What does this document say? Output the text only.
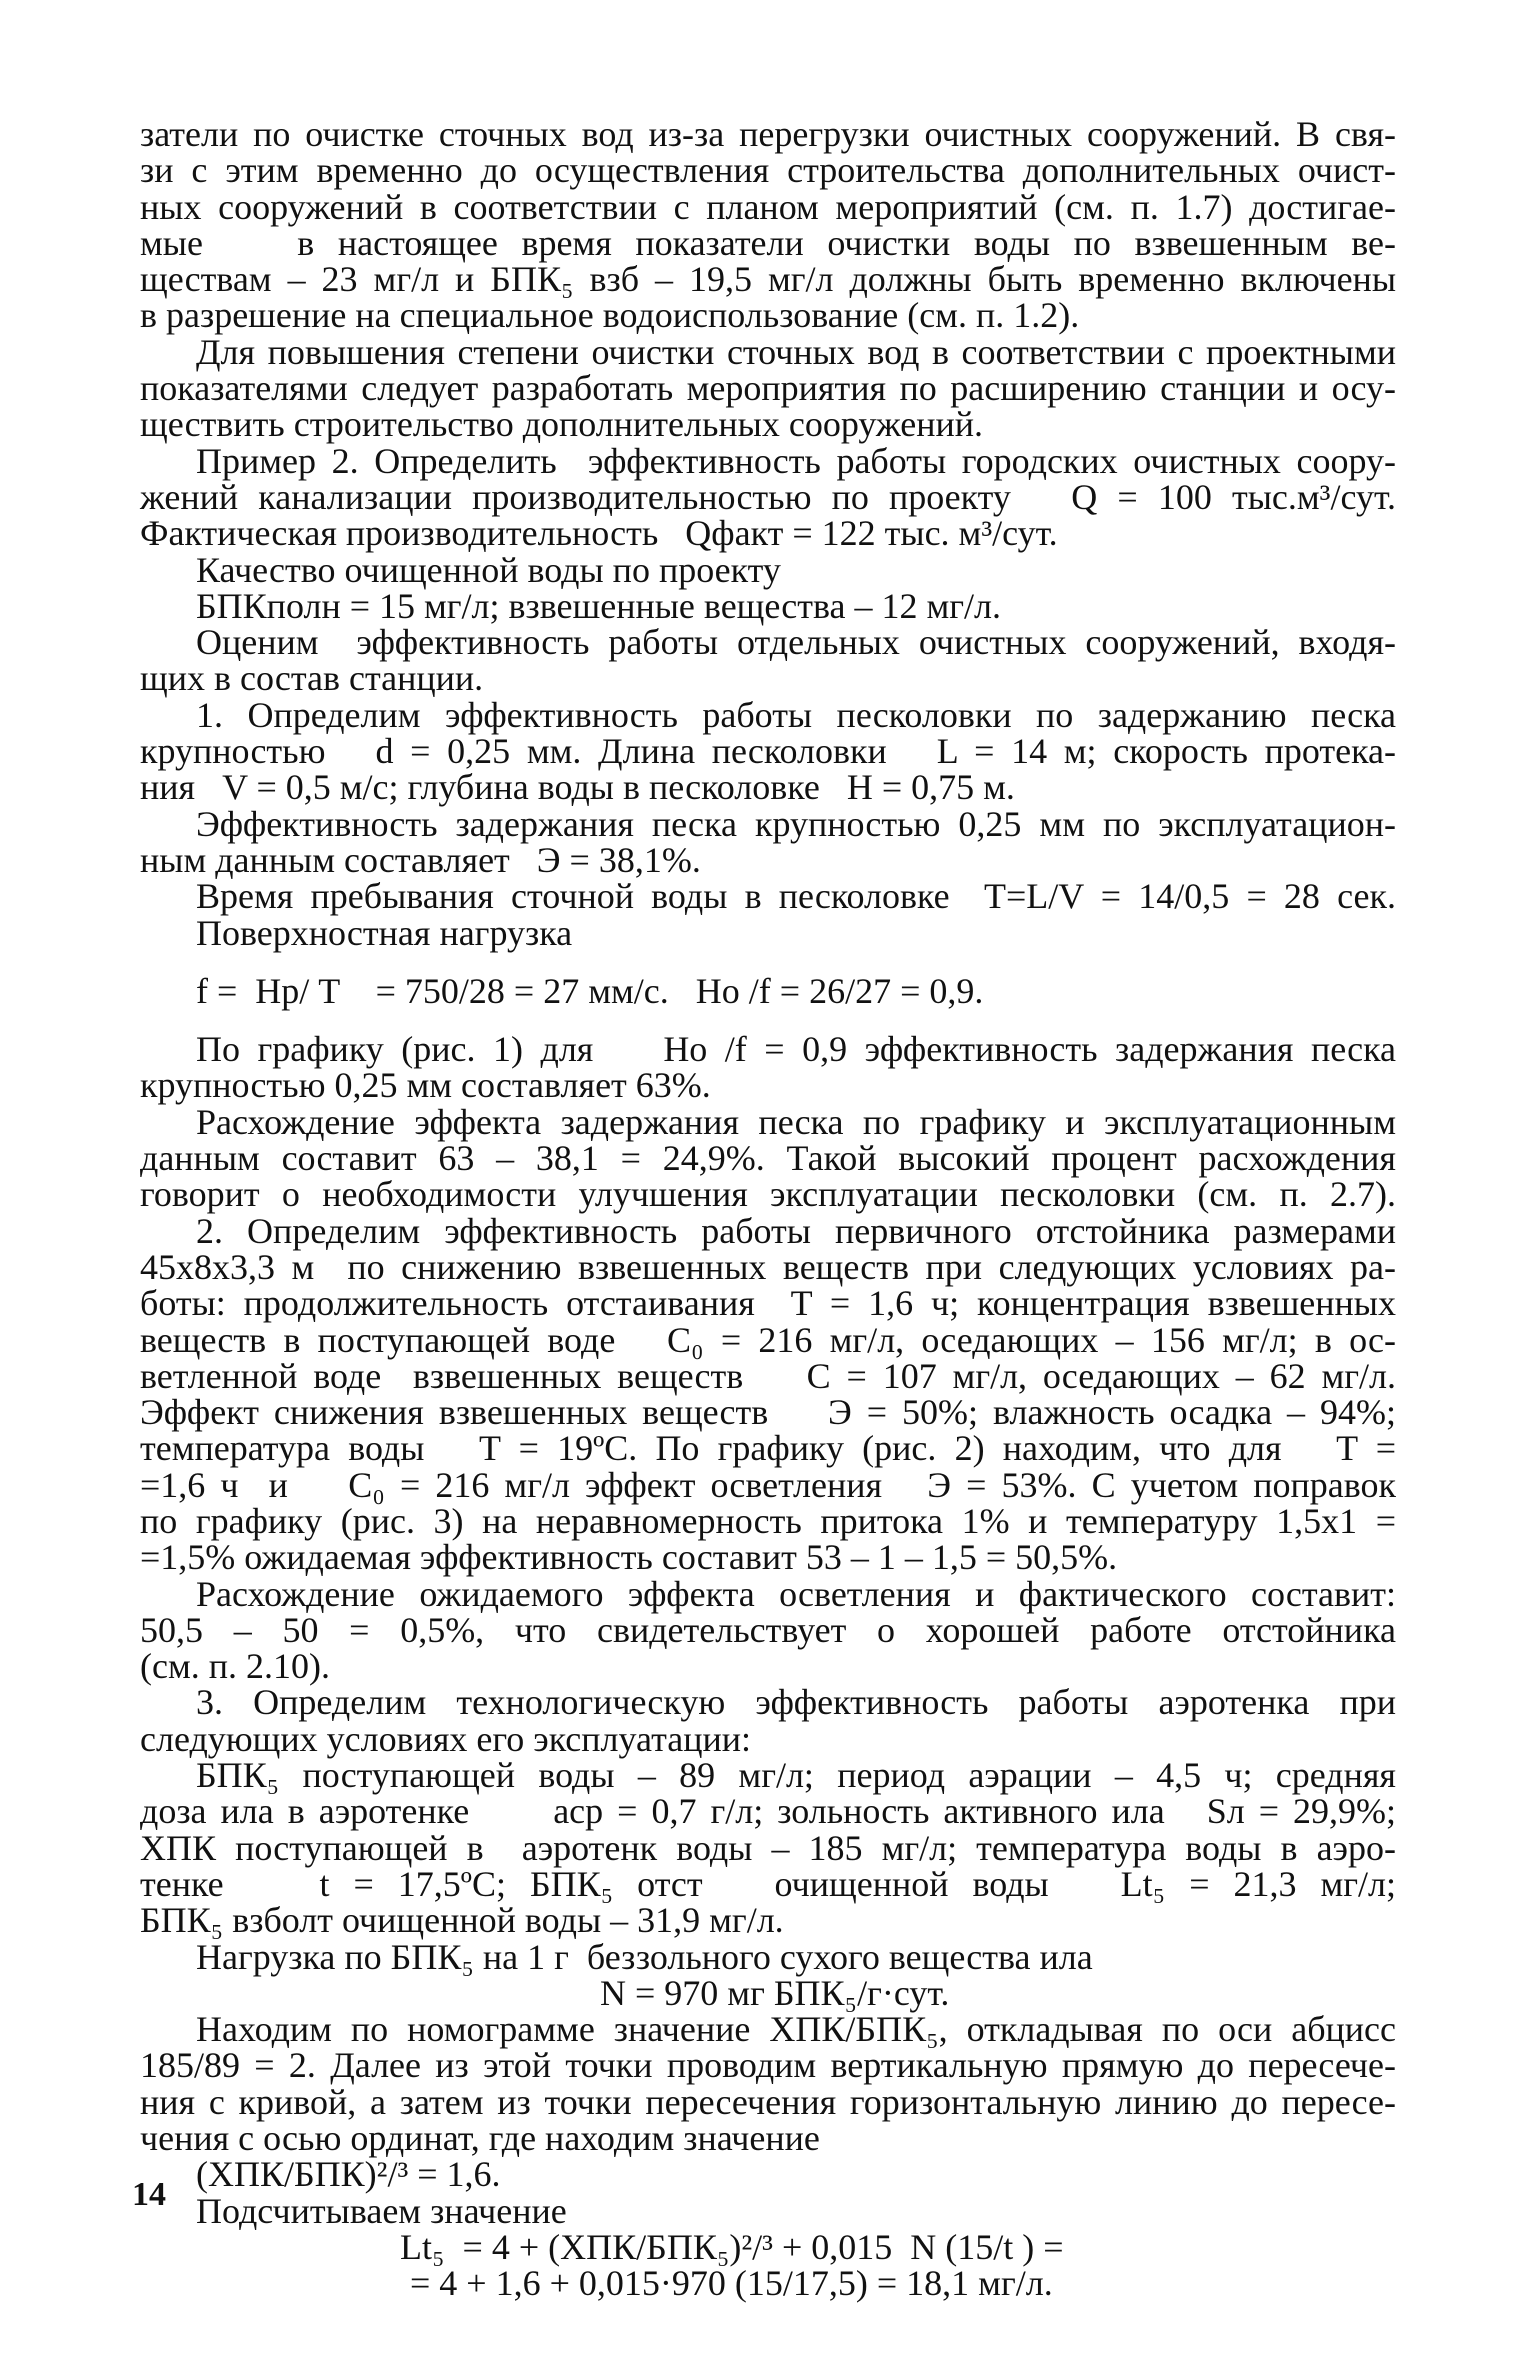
затели по очистке сточных вод из-за перегрузки очистных сооружений. В свя-
зи с этим временно до осуществления строительства дополнительных очист-
ных сооружений в соответствии с планом мероприятий (см. п. 1.7) достигае-
мые    в настоящее время показатели очистки воды по взвешенным ве-
ществам – 23 мг/л и БПК₅ взб – 19,5 мг/л должны быть временно включены
в разрешение на специальное водоиспользование (см. п. 1.2).
Для повышения степени очистки сточных вод в соответствии с проектными
показателями следует разработать мероприятия по расширению станции и осу-
ществить строительство дополнительных сооружений.
Пример 2. Определить  эффективность работы городских очистных соору-
жений канализации производительностью по проекту   Q = 100 тыс.м³/сут.
Фактическая производительность   Qфакт = 122 тыс. м³/сут.
Качество очищенной воды по проекту
БПКполн = 15 мг/л; взвешенные вещества – 12 мг/л.
Оценим  эффективность работы отдельных очистных сооружений, входя-
щих в состав станции.
1. Определим эффективность работы песколовки по задержанию песка
крупностью   d = 0,25 мм. Длина песколовки   L = 14 м; скорость протека-
ния   V = 0,5 м/с; глубина воды в песколовке   H = 0,75 м.
Эффективность задержания песка крупностью 0,25 мм по эксплуатацион-
ным данным составляет   Э = 38,1%.
Время пребывания сточной воды в песколовке  T=L/V = 14/0,5 = 28 сек.
Поверхностная нагрузка
f =  Hр/ T    = 750/28 = 27 мм/с.   Hо /f = 26/27 = 0,9.
По графику (рис. 1) для    Hо /f = 0,9 эффективность задержания песка
крупностью 0,25 мм составляет 63%.
Расхождение эффекта задержания песка по графику и эксплуатационным
данным составит 63 – 38,1 = 24,9%. Такой высокий процент расхождения
говорит о необходимости улучшения эксплуатации песколовки (см. п. 2.7).
2. Определим эффективность работы первичного отстойника размерами
45х8х3,3 м  по снижению взвешенных веществ при следующих условиях ра-
боты: продолжительность отстаивания  T = 1,6 ч; концентрация взвешенных
веществ в поступающей воде   C₀ = 216 мг/л, оседающих – 156 мг/л; в ос-
ветленной воде  взвешенных веществ    C = 107 мг/л, оседающих – 62 мг/л.
Эффект снижения взвешенных веществ    Э = 50%; влажность осадка – 94%;
температура воды   T = 19ºC. По графику (рис. 2) находим, что для   T =
=1,6 ч  и    C₀ = 216 мг/л эффект осветления   Э = 53%. С учетом поправок
по графику (рис. 3) на неравномерность притока 1% и температуру 1,5х1 =
=1,5% ожидаемая эффективность составит 53 – 1 – 1,5 = 50,5%.
Расхождение ожидаемого эффекта осветления и фактического составит:
50,5  –  50  =  0,5%,  что  свидетельствует  о  хорошей  работе  отстойника
(см. п. 2.10).
3. Определим технологическую эффективность работы аэротенка при
следующих условиях его эксплуатации:
БПК₅ поступающей воды – 89 мг/л; период аэрации – 4,5 ч; средняя
доза ила в аэротенке      aср = 0,7 г/л; зольность активного ила   Sл = 29,9%;
ХПК поступающей в  аэротенк воды – 185 мг/л; температура воды в аэро-
тенке    t = 17,5ºC; БПК₅ отст   очищенной воды   Lt₅ = 21,3 мг/л;
БПК₅ взболт очищенной воды – 31,9 мг/л.
Нагрузка по БПК₅ на 1 г  беззольного сухого вещества ила
N = 970 мг БПК₅/г·сут.
Находим по номограмме значение ХПК/БПК₅, откладывая по оси абцисс
185/89 = 2. Далее из этой точки проводим вертикальную прямую до пересече-
ния с кривой, а затем из точки пересечения горизонтальную линию до пересе-
чения с осью ординат, где находим значение
(ХПК/БПК)²/³ = 1,6.
Подсчитываем значение
Lt₅  = 4 + (ХПК/БПК₅)²/³ + 0,015  N (15/t ) =
= 4 + 1,6 + 0,015·970 (15/17,5) = 18,1 мг/л.
14
